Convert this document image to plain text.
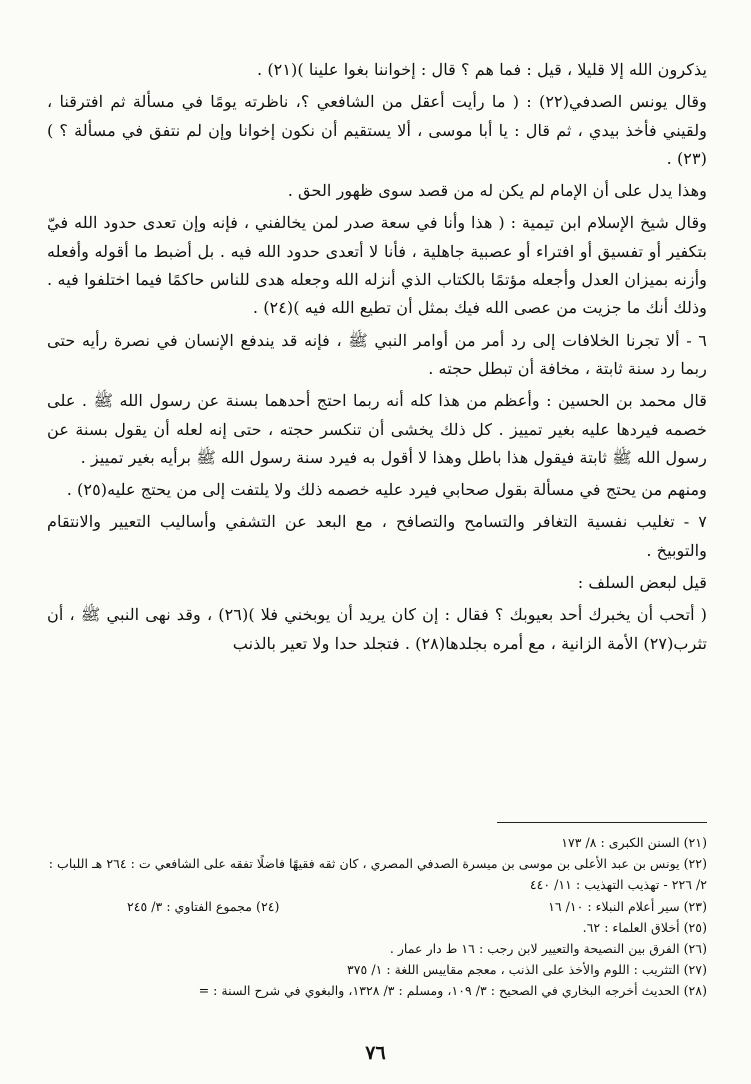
يذكرون الله إلا قليلا ، قيل : فما هم ؟ قال : إخواننا بغوا علينا )(٢١) .

وقال يونس الصدفي(٢٢) : ( ما رأيت أعقل من الشافعي ؟، ناظرته يومًا في مسألة ثم افترقنا ، ولقيني فأخذ بيدي ، ثم قال : يا أبا موسى ، ألا يستقيم أن نكون إخوانا وإن لم نتفق في مسألة ؟ )(٢٣) .

وهذا يدل على أن الإمام لم يكن له من قصد سوى ظهور الحق .

وقال شيخ الإسلام ابن تيمية : ( هذا وأنا في سعة صدر لمن يخالفني ، فإنه وإن تعدى حدود الله فيّ بتكفير أو تفسيق أو افتراء أو عصبية جاهلية ، فأنا لا أتعدى حدود الله فيه . بل أضبط ما أقوله وأفعله وأزنه بميزان العدل وأجعله مؤتمًا بالكتاب الذي أنزله الله وجعله هدى للناس حاكمًا فيما اختلفوا فيه . وذلك أنك ما جزيت من عصى الله فيك بمثل أن تطيع الله فيه )(٢٤) .

٦ - ألا تجرنا الخلافات إلى رد أمر من أوامر النبي ﷺ ، فإنه قد يندفع الإنسان في نصرة رأيه حتى ربما رد سنة ثابتة ، مخافة أن تبطل حجته .

قال محمد بن الحسين : وأعظم من هذا كله أنه ربما احتج أحدهما بسنة عن رسول الله ﷺ . على خصمه فيردها عليه بغير تمييز . كل ذلك يخشى أن تنكسر حجته ، حتى إنه لعله أن يقول بسنة عن رسول الله ﷺ ثابتة فيقول هذا باطل وهذا لا أقول به فيرد سنة رسول الله ﷺ برأيه بغير تمييز .

ومنهم من يحتج في مسألة بقول صحابي فيرد عليه خصمه ذلك ولا يلتفت إلى من يحتج عليه(٢٥) .

٧ - تغليب نفسية التغافر والتسامح والتصافح ، مع البعد عن التشفي وأساليب التعيير والانتقام والتوبيخ .

قيل لبعض السلف :

( أتحب أن يخبرك أحد بعيوبك ؟ فقال : إن كان يريد أن يوبخني فلا )(٢٦) ، وقد نهى النبي ﷺ ، أن تثرب(٢٧) الأمة الزانية ، مع أمره بجلدها(٢٨) . فتجلد حدا ولا تعير بالذنب

(٢١) السنن الكبرى : ٨/ ١٧٣

(٢٢) يونس بن عبد الأعلى بن موسى بن ميسرة الصدفي المصري ، كان ثقه فقيهًا فاضلًا تفقه على الشافعي ت : ٢٦٤ هـ اللباب : ٢/ ٢٢٦ - تهذيب التهذيب : ١١/ ٤٤٠

(٢٣) سير أعلام النبلاء : ١٠/ ١٦
(٢٤) مجموع الفتاوي : ٣/ ٢٤٥

(٢٥) أخلاق العلماء : ٦٢.

(٢٦) الفرق بين النصيحة والتعيير لابن رجب : ١٦ ط دار عمار .

(٢٧) التثريب : اللوم والأخذ على الذنب ، معجم مقاييس اللغة : ١/ ٣٧٥

(٢٨) الحديث أخرجه البخاري في الصحيح : ٣/ ١٠٩، ومسلم : ٣/ ١٣٢٨، والبغوي في شرح السنة : =

٧٦
